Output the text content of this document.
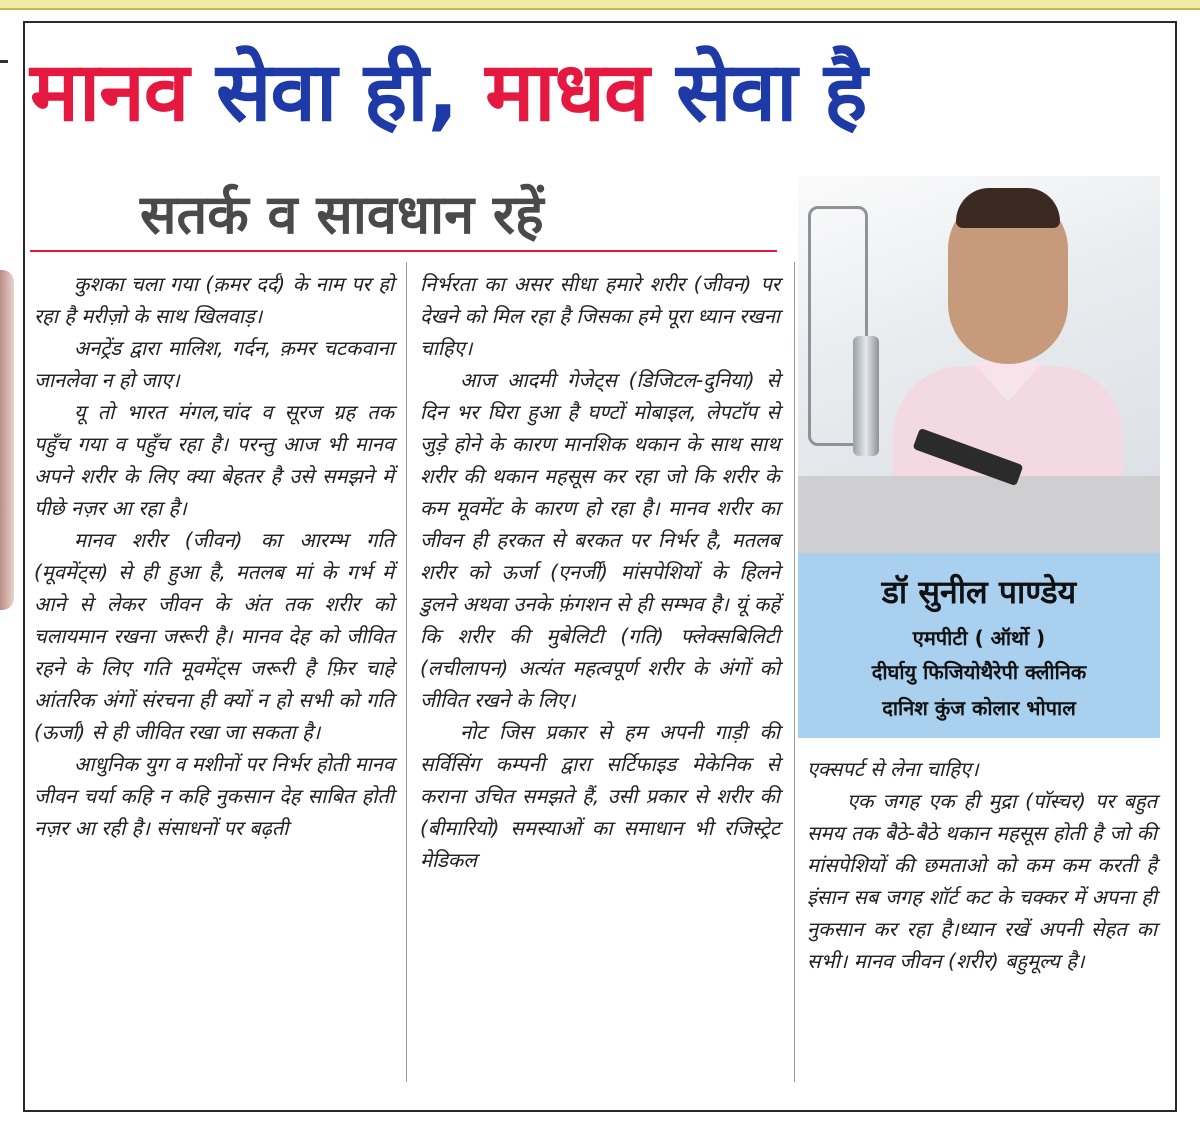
मानव सेवा ही, माधव सेवा है
सतर्क व सावधान रहें

कुशका चला गया (क़मर दर्द) के नाम पर हो रहा है मरीज़ो के साथ खिलवाड़।

अनट्रेंड द्वारा मालिश, गर्दन, क़मर चटकवाना जानलेवा न हो जाए।

यू तो भारत मंगल,चांद व सूरज ग्रह तक पहुँच गया व पहुँच रहा है। परन्तु आज भी मानव अपने शरीर के लिए क्या बेहतर है उसे समझने में पीछे नज़र आ रहा है।

मानव शरीर (जीवन) का आरम्भ गति (मूवमेंट्स) से ही हुआ है, मतलब मां के गर्भ में आने से लेकर जीवन के अंत तक शरीर को चलायमान रखना जरूरी है। मानव देह को जीवित रहने के लिए गति मूवमेंट्स जरूरी है फ़िर चाहे आंतरिक अंगों संरचना ही क्यों न हो सभी को गति (ऊर्जा) से ही जीवित रखा जा सकता है।

आधुनिक युग व मशीनों पर निर्भर होती मानव जीवन चर्या कहि न कहि नुकसान देह साबित होती नज़र आ रही है। संसाधनों पर बढ़ती

निर्भरता का असर सीधा हमारे शरीर (जीवन) पर देखने को मिल रहा है जिसका हमे पूरा ध्यान रखना चाहिए।

आज आदमी गेजेट्स (डिजिटल-दुनिया) से दिन भर घिरा हुआ है घण्टों मोबाइल, लेपटॉप से जुड़े होने के कारण मानशिक थकान के साथ साथ शरीर की थकान महसूस कर रहा जो कि शरीर के कम मूवमेंट के कारण हो रहा है। मानव शरीर का जीवन ही हरकत से बरकत पर निर्भर है, मतलब शरीर को ऊर्जा (एनर्जी) मांसपेशियों के हिलने डुलने अथवा उनके फ़ंगशन से ही सम्भव है। यूं कहें कि शरीर की मुबेलिटी (गति) फ्लेक्सबिलिटी (लचीलापन) अत्यंत महत्वपूर्ण शरीर के अंगों को जीवित रखने के लिए।

नोट जिस प्रकार से हम अपनी गाड़ी की सर्विसिंग कम्पनी द्वारा सर्टिफाइड मेकेनिक से कराना उचित समझते हैं, उसी प्रकार से शरीर की (बीमारियो) समस्याओं का समाधान भी रजिस्ट्रेट मेडिकल

डॉ सुनील पाण्डेय
एमपीटी ( ऑर्थो )
दीर्घायु फिजियोथैरेपी क्लीनिक
दानिश कुंज कोलार भोपाल

एक्सपर्ट से लेना चाहिए।

एक जगह एक ही मुद्रा (पॉस्चर) पर बहुत समय तक बैठे-बैठे थकान महसूस होती है जो की मांसपेशियों की छमताओ को कम कम करती है इंसान सब जगह शॉर्ट कट के चक्कर में अपना ही नुकसान कर रहा है।ध्यान रखें अपनी सेहत का सभी। मानव जीवन (शरीर) बहुमूल्य है।
